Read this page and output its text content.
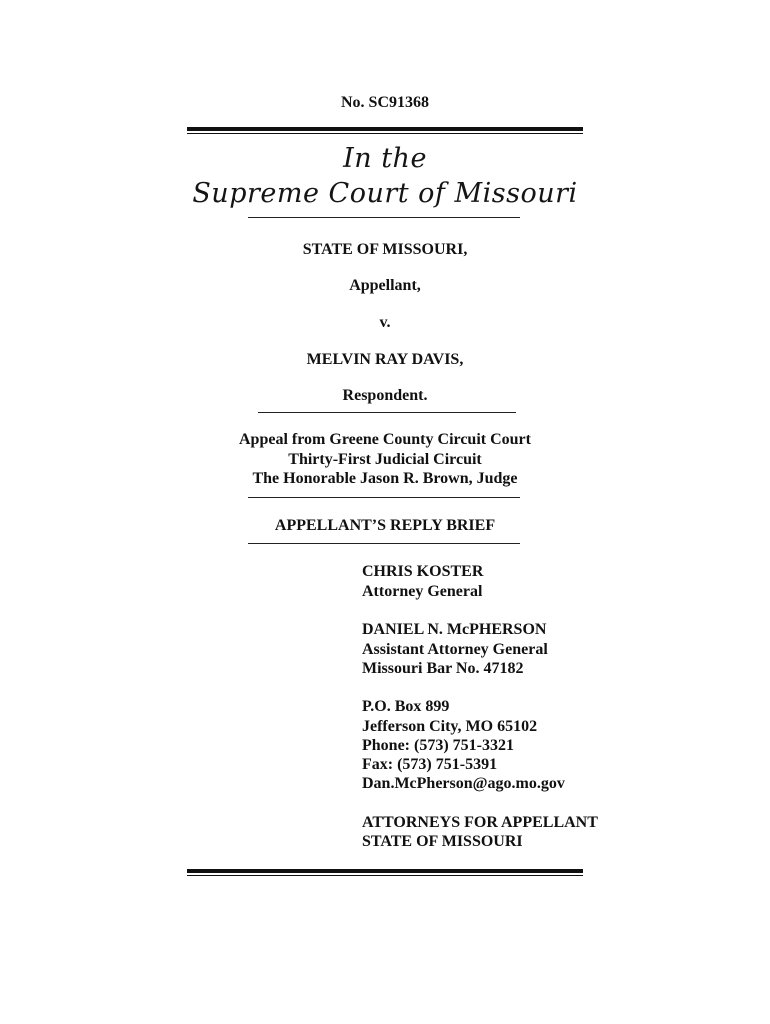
No. SC91368
In the
Supreme Court of Missouri
STATE OF MISSOURI,
Appellant,
v.
MELVIN RAY DAVIS,
Respondent.
Appeal from Greene County Circuit Court
Thirty-First Judicial Circuit
The Honorable Jason R. Brown, Judge
APPELLANT’S REPLY BRIEF
CHRIS KOSTER
Attorney General
DANIEL N. McPHERSON
Assistant Attorney General
Missouri Bar No. 47182
P.O. Box 899
Jefferson City, MO 65102
Phone: (573) 751-3321
Fax: (573) 751-5391
Dan.McPherson@ago.mo.gov
ATTORNEYS FOR APPELLANT
STATE OF MISSOURI
